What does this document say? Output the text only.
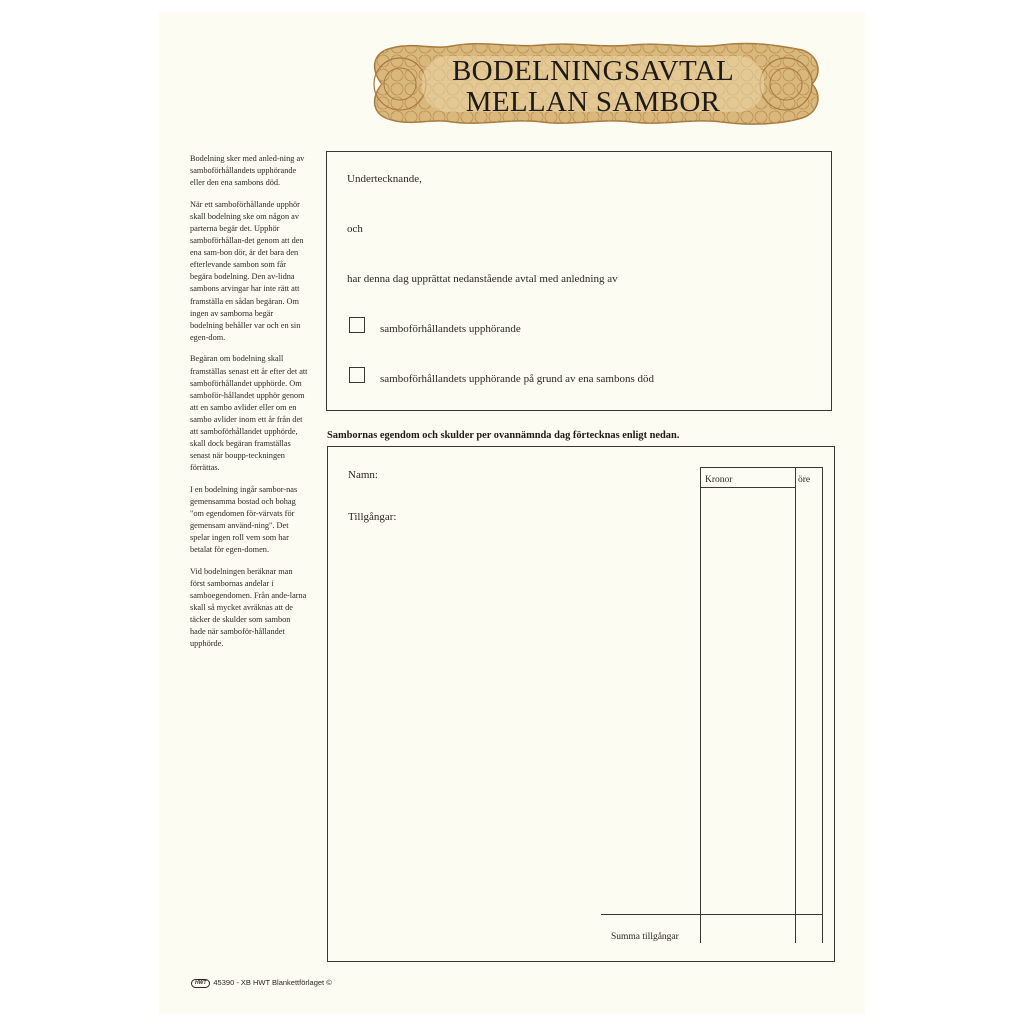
BODELNINGSAVTAL
MELLAN SAMBOR

Bodelning sker med anled-ning av samboförhållandets upphörande eller den ena sambons död.

När ett samboförhållande upphör skall bodelning ske om någon av parterna begär det. Upphör samboförhållan-det genom att den ena sam-bon dör, är det bara den efterlevande sambon som får begära bodelning. Den av-lidna sambons arvingar har inte rätt att framställa en sådan begäran. Om ingen av samborna begär bodelning behåller var och en sin egen-dom.

Begäran om bodelning skall framställas senast ett år efter det att samboförhållandet upphörde. Om samboför-hållandet upphör genom att en sambo avlider eller om en sambo avlider inom ett år från det att samboförhållandet upphörde, skall dock begäran framställas senast när boupp-teckningen förrättas.

I en bodelning ingår sambor-nas gemensamma bostad och bohag "om egendomen för-värvats för gemensam använd-ning". Det spelar ingen roll vem som har betalat för egen-domen.

Vid bodelningen beräknar man först sambornas andelar i samboegendomen. Från ande-larna skall så mycket avräknas att de täcker de skulder som sambon hade när samboför-hållandet upphörde.

Undertecknande,
och
har denna dag upprättat nedanstående avtal med anledning av
samboförhållandets upphörande
samboförhållandets upphörande på grund av ena sambons död
Sambornas egendom och skulder per ovannämnda dag förtecknas enligt nedan.
Namn:
Tillgångar:
Kronor	öre
Summa tillgångar
HWT 45390 - XB HWT Blankettförlaget ©
